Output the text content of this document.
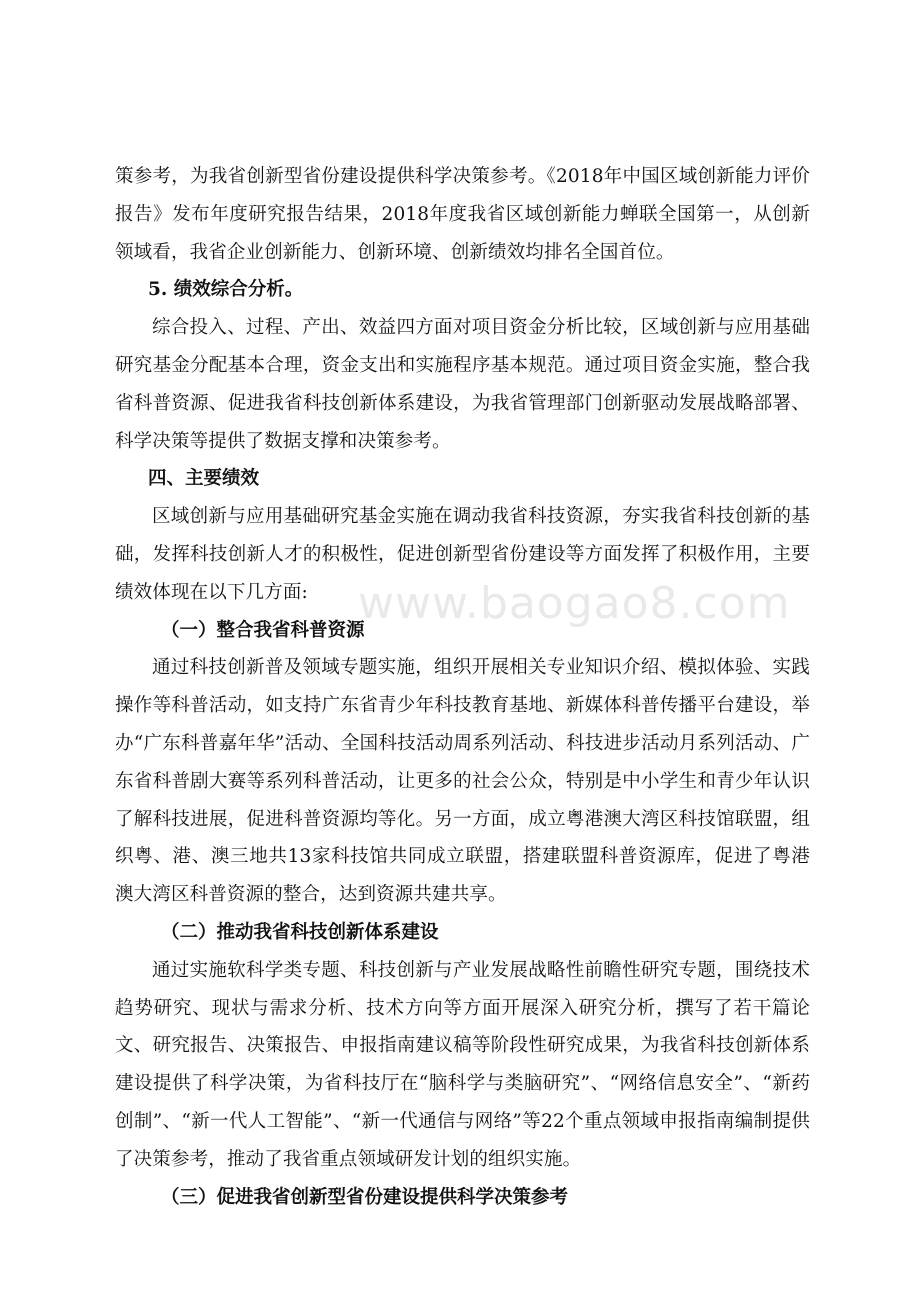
www.baogao8.com

策参考，为我省创新型省份建设提供科学决策参考。《2018年中国区域创新能力评价报告》发布年度研究报告结果，2018年度我省区域创新能力蝉联全国第一，从创新领域看，我省企业创新能力、创新环境、创新绩效均排名全国首位。

5. 绩效综合分析。

综合投入、过程、产出、效益四方面对项目资金分析比较，区域创新与应用基础研究基金分配基本合理，资金支出和实施程序基本规范。通过项目资金实施，整合我省科普资源、促进我省科技创新体系建设，为我省管理部门创新驱动发展战略部署、科学决策等提供了数据支撑和决策参考。

四、主要绩效

区域创新与应用基础研究基金实施在调动我省科技资源，夯实我省科技创新的基础，发挥科技创新人才的积极性，促进创新型省份建设等方面发挥了积极作用，主要绩效体现在以下几方面:

（一）整合我省科普资源

通过科技创新普及领域专题实施，组织开展相关专业知识介绍、模拟体验、实践操作等科普活动，如支持广东省青少年科技教育基地、新媒体科普传播平台建设，举办“广东科普嘉年华”活动、全国科技活动周系列活动、科技进步活动月系列活动、广东省科普剧大赛等系列科普活动，让更多的社会公众，特别是中小学生和青少年认识了解科技进展，促进科普资源均等化。另一方面，成立粤港澳大湾区科技馆联盟，组织粤、港、澳三地共13家科技馆共同成立联盟，搭建联盟科普资源库，促进了粤港澳大湾区科普资源的整合，达到资源共建共享。

（二）推动我省科技创新体系建设

通过实施软科学类专题、科技创新与产业发展战略性前瞻性研究专题，围绕技术趋势研究、现状与需求分析、技术方向等方面开展深入研究分析，撰写了若干篇论文、研究报告、决策报告、申报指南建议稿等阶段性研究成果，为我省科技创新体系建设提供了科学决策，为省科技厅在“脑科学与类脑研究”、“网络信息安全”、“新药创制”、“新一代人工智能”、“新一代通信与网络”等22个重点领域申报指南编制提供了决策参考，推动了我省重点领域研发计划的组织实施。

（三）促进我省创新型省份建设提供科学决策参考
